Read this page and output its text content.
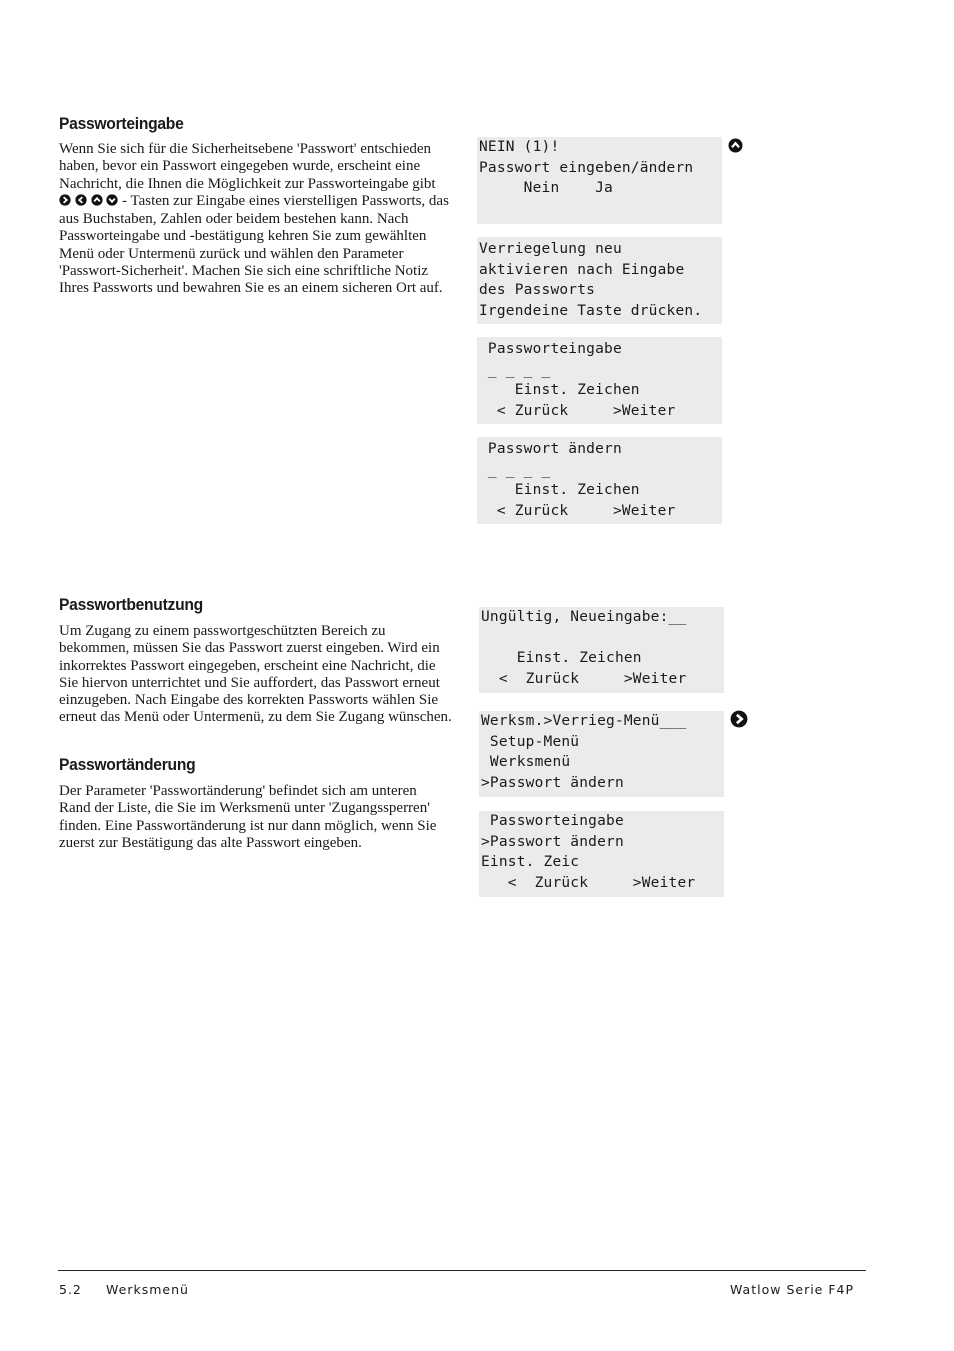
Passworteingabe

Wenn Sie sich für die Sicherheitsebene 'Passwort' entschieden haben, bevor ein Passwort eingegeben wurde, erscheint eine Nachricht, die Ihnen die Möglichkeit zur Passworteingabe gibt     - Tasten zur Eingabe eines vierstelligen Passworts, das aus Buchstaben, Zahlen oder beidem bestehen kann. Nach Passworteingabe und -bestätigung kehren Sie zum gewählten Menü oder Untermenü zurück und wählen den Parameter 'Passwort-Sicherheit'. Machen Sie sich eine schriftliche Notiz Ihres Passworts und bewahren Sie es an einem sicheren Ort auf.

NEIN (1)!
Passwort eingeben/ändern
Nein    Ja
Verriegelung neu
aktivieren nach Eingabe
des Passworts
Irgendeine Taste drücken.
Passworteingabe
_ _ _ _
Einst. Zeichen
< Zurück     >Weiter
Passwort ändern
_ _ _ _
Einst. Zeichen
< Zurück     >Weiter
Passwortbenutzung

Um Zugang zu einem passwortgeschützten Bereich zu bekommen, müssen Sie das Passwort zuerst eingeben. Wird ein inkorrektes Passwort eingegeben, erscheint eine Nachricht, die Sie hiervon unterrichtet und Sie auffordert, das Passwort erneut einzugeben. Nach Eingabe des korrekten Passworts wählen Sie erneut das Menü oder Untermenü, zu dem Sie Zugang wünschen.

Passwortänderung

Der Parameter 'Passwortänderung' befindet sich am unteren Rand der Liste, die Sie im Werksmenü unter 'Zugangssperren' finden. Eine Passwortänderung ist nur dann möglich, wenn Sie zuerst zur Bestätigung das alte Passwort eingeben.

Ungültig, Neueingabe:__

Einst. Zeichen
<  Zurück     >Weiter
Werksm.>Verrieg-Menü___
Setup-Menü
Werksmenü
>Passwort ändern
Passworteingabe
>Passwort ändern
Einst. Zeic
<  Zurück     >Weiter
5.2 Werksmenü	Watlow Serie F4P
